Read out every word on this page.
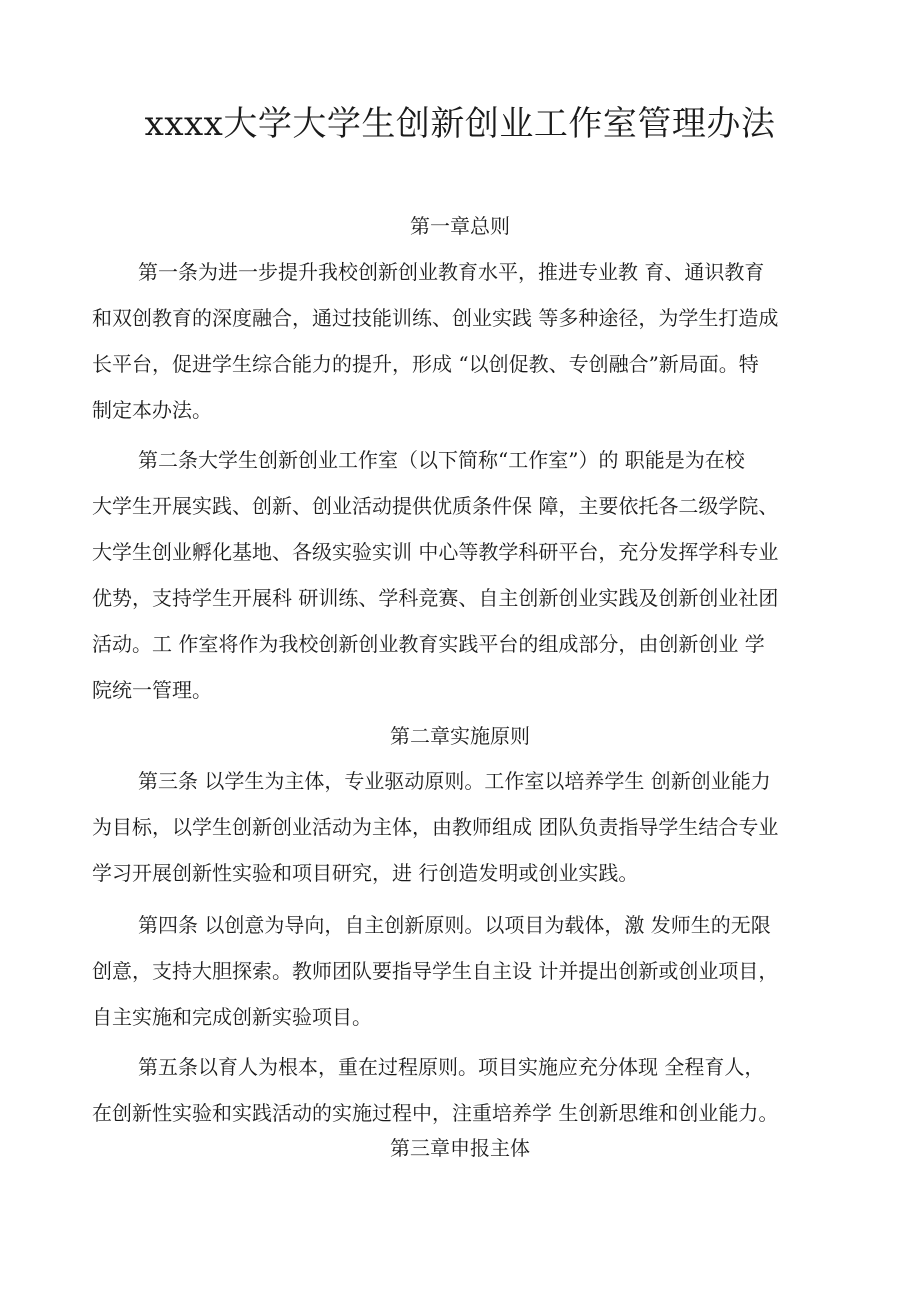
xxxx大学大学生创新创业工作室管理办法
第一章总则
第一条为进一步提升我校创新创业教育水平，推进专业教 育、通识教育
和双创教育的深度融合，通过技能训练、创业实践 等多种途径，为学生打造成
长平台，促进学生综合能力的提升，形成 “以创促教、专创融合”新局面。特
制定本办法。
第二条大学生创新创业工作室（以下简称“工作室”）的 职能是为在校
大学生开展实践、创新、创业活动提供优质条件保 障，主要依托各二级学院、
大学生创业孵化基地、各级实验实训 中心等教学科研平台，充分发挥学科专业
优势，支持学生开展科 研训练、学科竞赛、自主创新创业实践及创新创业社团
活动。工 作室将作为我校创新创业教育实践平台的组成部分，由创新创业 学
院统一管理。
第二章实施原则
第三条 以学生为主体，专业驱动原则。工作室以培养学生 创新创业能力
为目标，以学生创新创业活动为主体，由教师组成 团队负责指导学生结合专业
学习开展创新性实验和项目研究，进 行创造发明或创业实践。
第四条 以创意为导向，自主创新原则。以项目为载体，激 发师生的无限
创意，支持大胆探索。教师团队要指导学生自主设 计并提出创新或创业项目，
自主实施和完成创新实验项目。
第五条以育人为根本，重在过程原则。项目实施应充分体现 全程育人，
在创新性实验和实践活动的实施过程中，注重培养学 生创新思维和创业能力。
第三章申报主体
